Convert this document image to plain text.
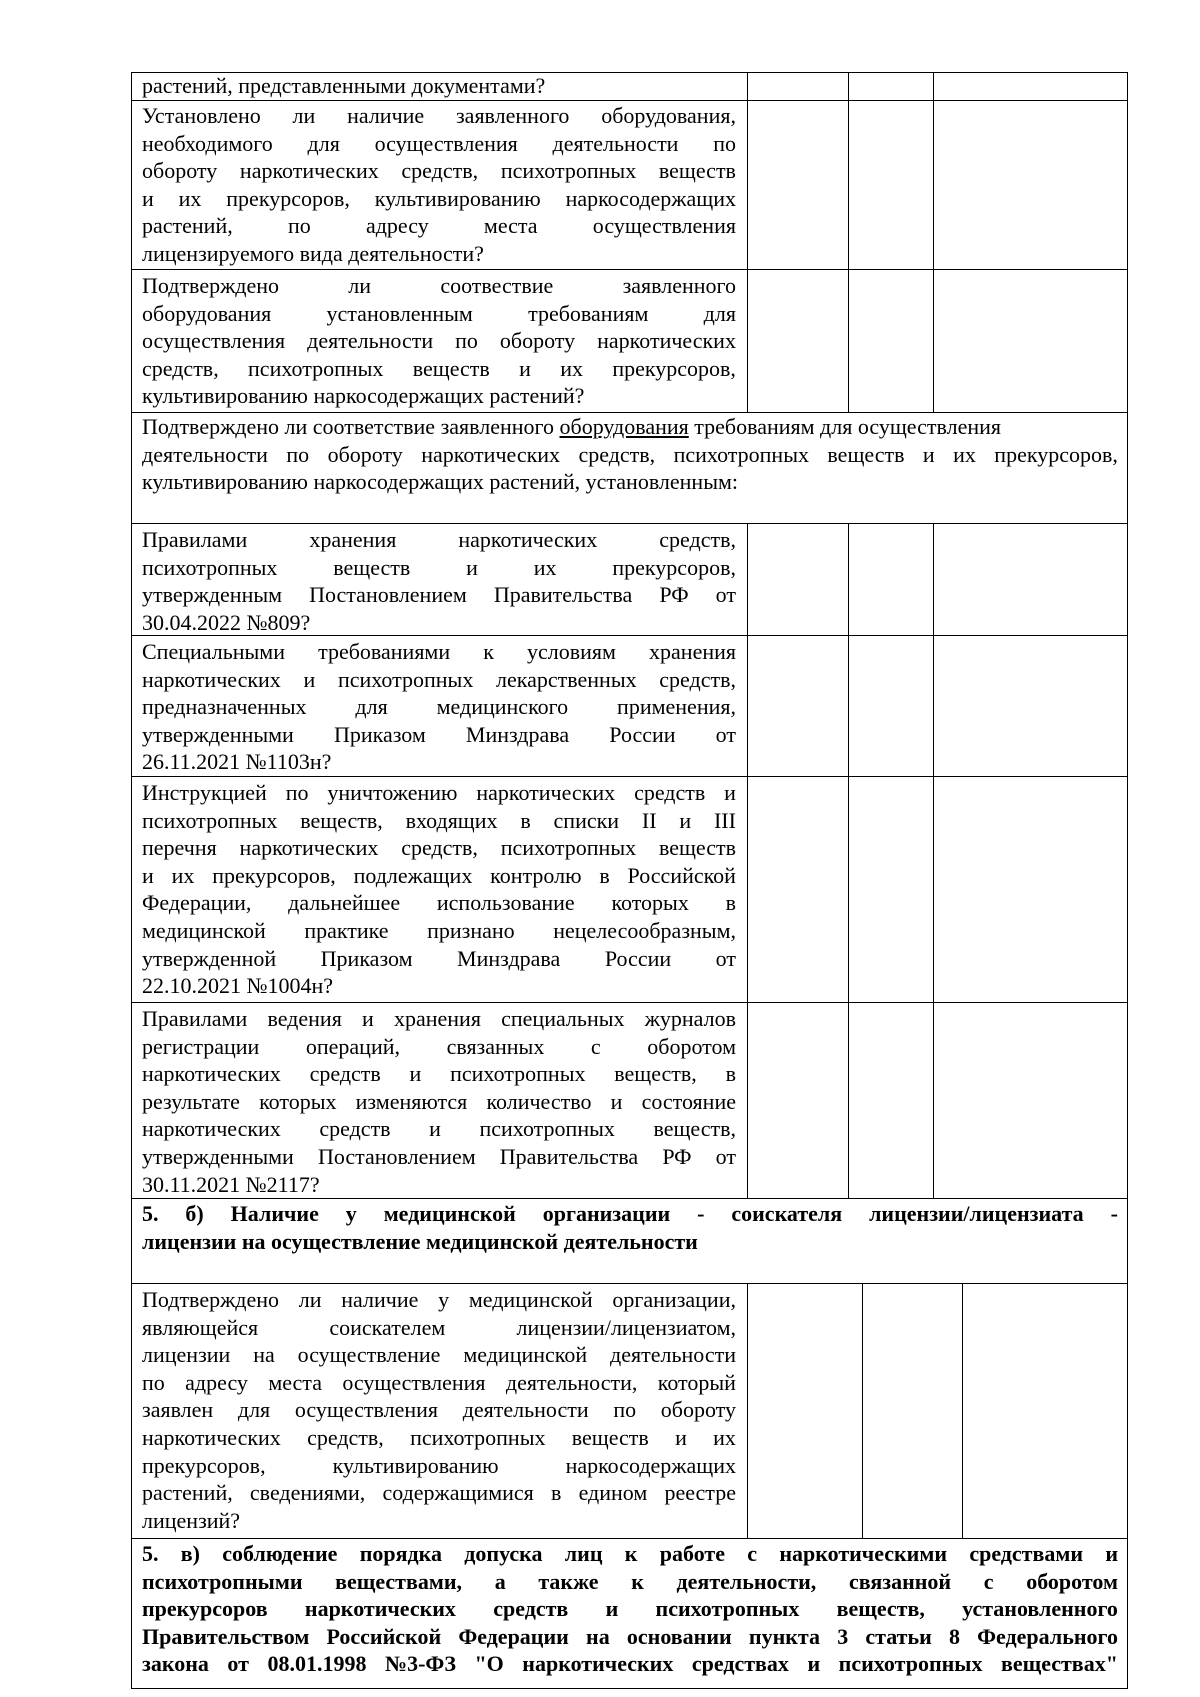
растений, представленными документами?
Установлено ли наличие заявленного оборудования,
необходимого для осуществления деятельности по
обороту наркотических средств, психотропных веществ
и их прекурсоров, культивированию наркосодержащих
растений,	по	адресу	места	осуществления
лицензируемого вида деятельности?
Подтверждено	ли	соотвествие	заявленного
оборудования	установленным	требованиям	для
осуществления деятельности по обороту наркотических
средств, психотропных веществ и их прекурсоров,
культивированию наркосодержащих растений?
Подтверждено ли соответствие заявленного оборудования требованиям для осуществления
деятельности по обороту наркотических средств, психотропных веществ и их прекурсоров,
культивированию наркосодержащих растений, установленным:
Правилами	хранения	наркотических	средств,
психотропных	веществ	и	их	прекурсоров,
утвержденным Постановлением Правительства РФ от
30.04.2022 №809?
Специальными требованиями к условиям хранения
наркотических и психотропных лекарственных средств,
предназначенных для медицинского применения,
утвержденными Приказом Минздрава России от
26.11.2021 №1103н?
Инструкцией по уничтожению наркотических средств и
психотропных веществ, входящих в списки II и III
перечня наркотических средств, психотропных веществ
и их прекурсоров, подлежащих контролю в Российской
Федерации, дальнейшее использование которых в
медицинской практике признано нецелесообразным,
утвержденной Приказом Минздрава России от
22.10.2021 №1004н?
Правилами ведения и хранения специальных журналов
регистрации операций, связанных с оборотом
наркотических средств и психотропных веществ, в
результате которых изменяются количество и состояние
наркотических средств и психотропных веществ,
утвержденными Постановлением Правительства РФ от
30.11.2021 №2117?
5. б) Наличие у медицинской организации - соискателя лицензии/лицензиата -
лицензии на осуществление медицинской деятельности
Подтверждено ли наличие у медицинской организации,
являющейся	соискателем	лицензии/лицензиатом,
лицензии на осуществление медицинской деятельности
по адресу места осуществления деятельности, который
заявлен для осуществления деятельности по обороту
наркотических средств, психотропных веществ и их
прекурсоров,	культивированию	наркосодержащих
растений, сведениями, содержащимися в едином реестре
лицензий?
5. в) соблюдение порядка допуска лиц к работе с наркотическими средствами и
психотропными веществами, а также к деятельности, связанной с оборотом
прекурсоров наркотических средств и психотропных веществ, установленного
Правительством Российской Федерации на основании пункта 3 статьи 8 Федерального
закона от 08.01.1998 №3-ФЗ "О наркотических средствах и психотропных веществах"
